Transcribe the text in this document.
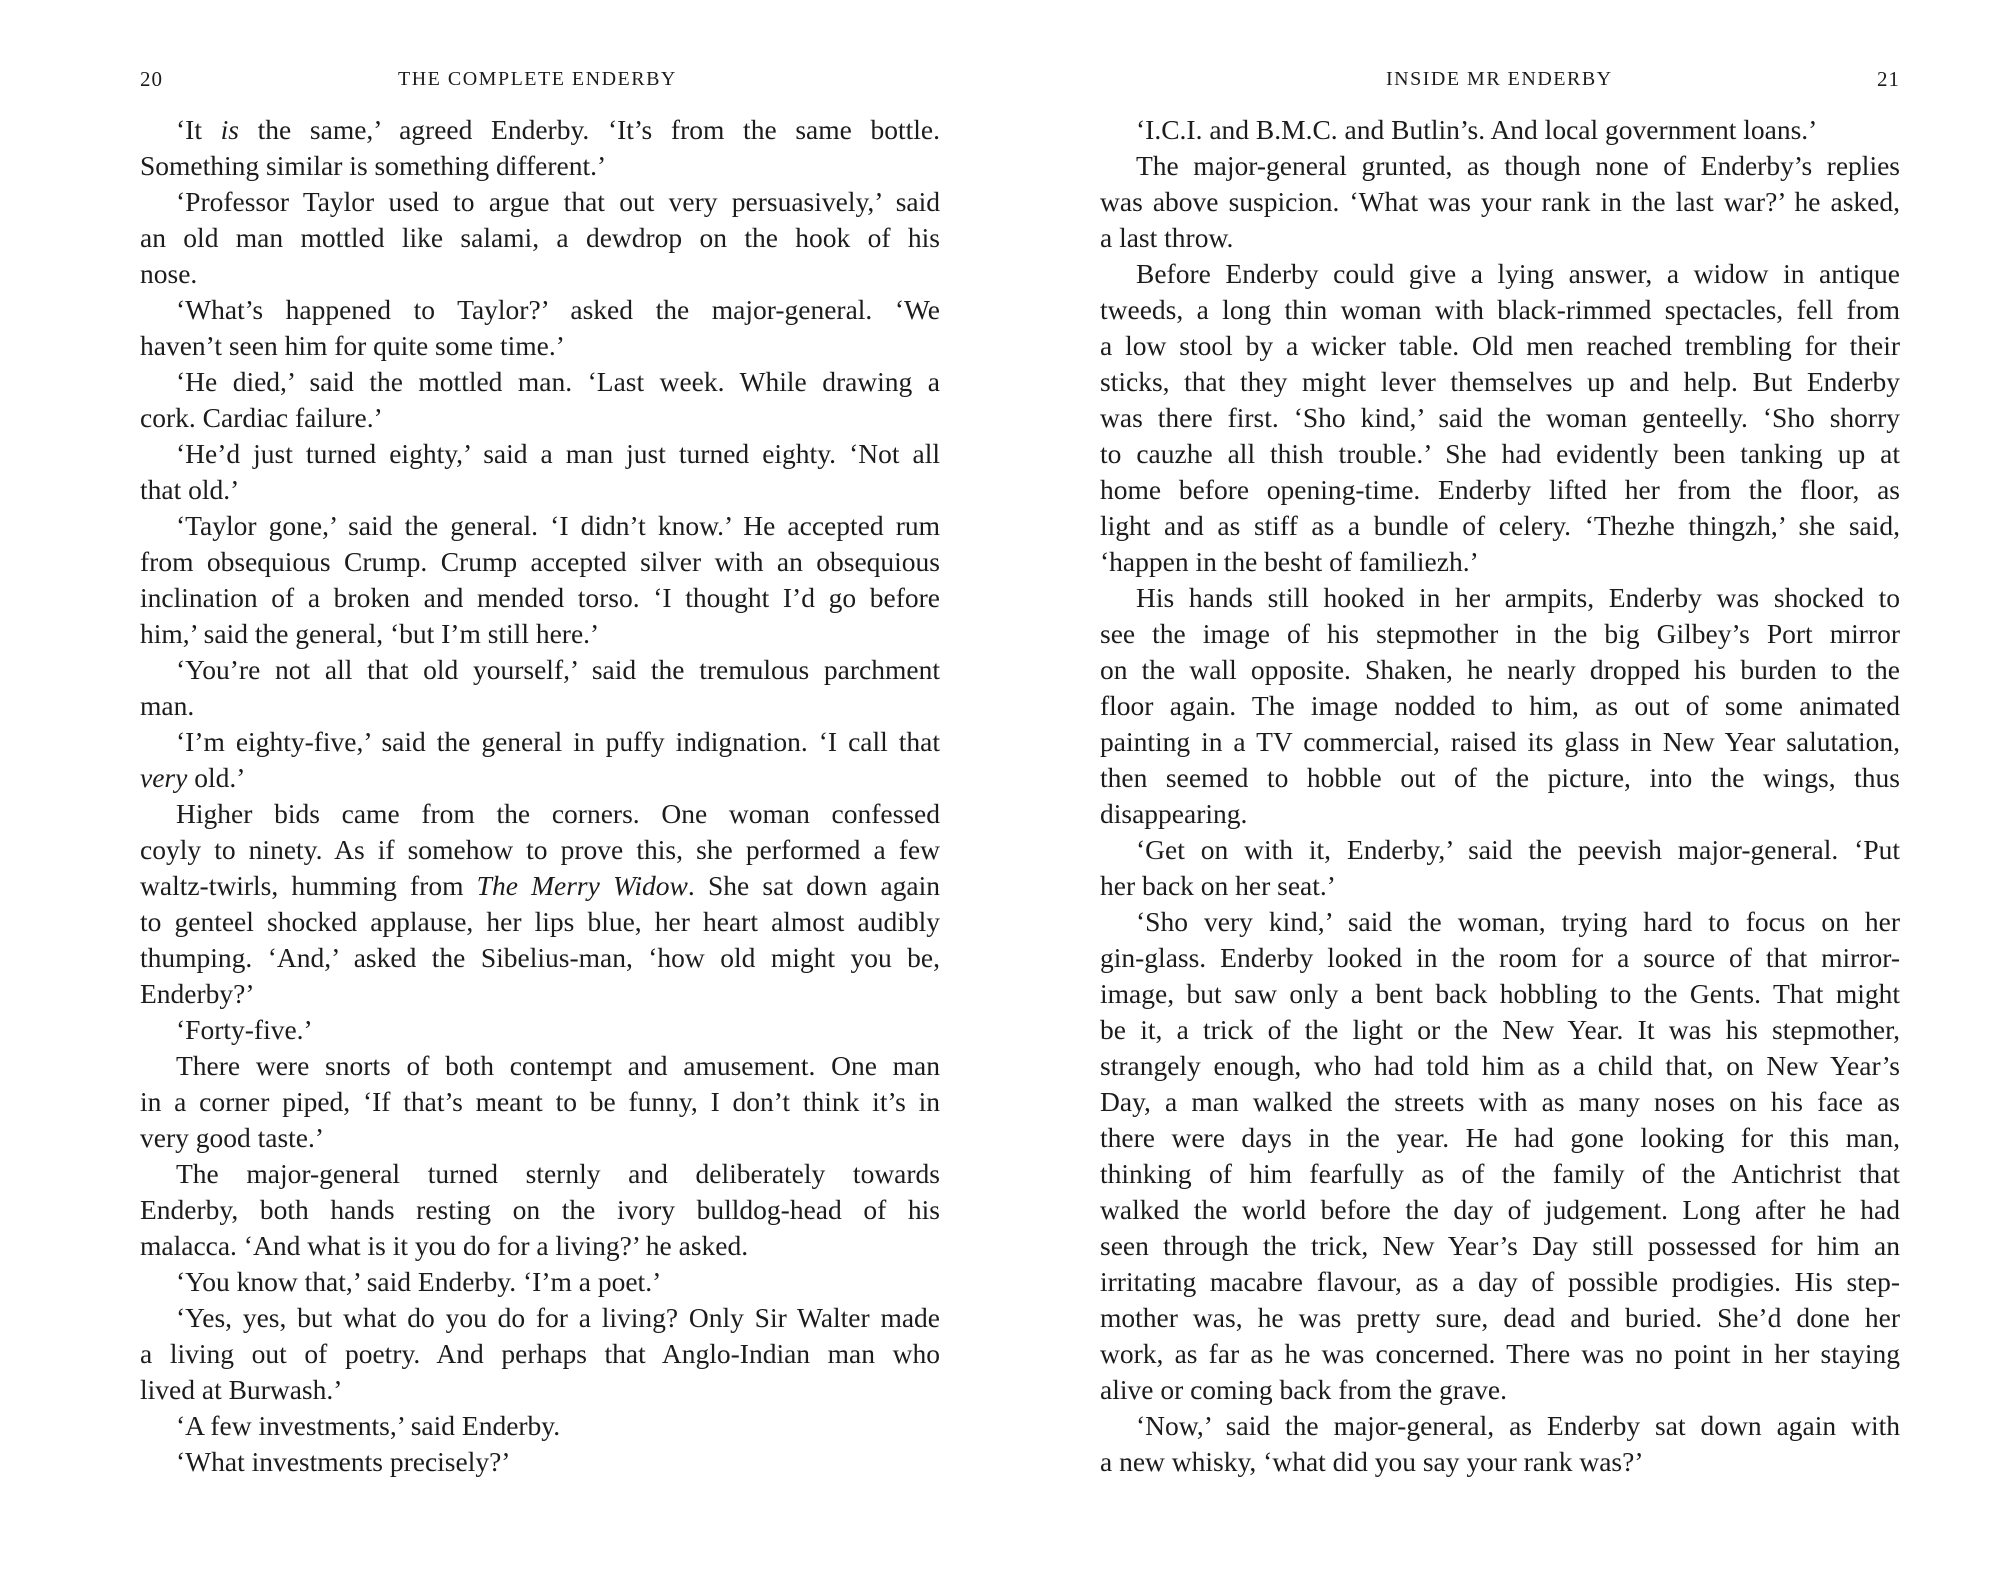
20	THE COMPLETE ENDERBY
‘It is the same,’ agreed Enderby. ‘It’s from the same bottle.
Something similar is something different.’
‘Professor Taylor used to argue that out very persuasively,’ said
an old man mottled like salami, a dewdrop on the hook of his
nose.
‘What’s happened to Taylor?’ asked the major-general. ‘We
haven’t seen him for quite some time.’
‘He died,’ said the mottled man. ‘Last week. While drawing a
cork. Cardiac failure.’
‘He’d just turned eighty,’ said a man just turned eighty. ‘Not all
that old.’
‘Taylor gone,’ said the general. ‘I didn’t know.’ He accepted rum
from obsequious Crump. Crump accepted silver with an obsequious
inclination of a broken and mended torso. ‘I thought I’d go before
him,’ said the general, ‘but I’m still here.’
‘You’re not all that old yourself,’ said the tremulous parchment
man.
‘I’m eighty-five,’ said the general in puffy indignation. ‘I call that
very old.’
Higher bids came from the corners. One woman confessed
coyly to ninety. As if somehow to prove this, she performed a few
waltz-twirls, humming from The Merry Widow. She sat down again
to genteel shocked applause, her lips blue, her heart almost audibly
thumping. ‘And,’ asked the Sibelius-man, ‘how old might you be,
Enderby?’
‘Forty-five.’
There were snorts of both contempt and amusement. One man
in a corner piped, ‘If that’s meant to be funny, I don’t think it’s in
very good taste.’
The major-general turned sternly and deliberately towards
Enderby, both hands resting on the ivory bulldog-head of his
malacca. ‘And what is it you do for a living?’ he asked.
‘You know that,’ said Enderby. ‘I’m a poet.’
‘Yes, yes, but what do you do for a living? Only Sir Walter made
a living out of poetry. And perhaps that Anglo-Indian man who
lived at Burwash.’
‘A few investments,’ said Enderby.
‘What investments precisely?’
INSIDE MR ENDERBY	21
‘I.C.I. and B.M.C. and Butlin’s. And local government loans.’
The major-general grunted, as though none of Enderby’s replies
was above suspicion. ‘What was your rank in the last war?’ he asked,
a last throw.
Before Enderby could give a lying answer, a widow in antique
tweeds, a long thin woman with black-rimmed spectacles, fell from
a low stool by a wicker table. Old men reached trembling for their
sticks, that they might lever themselves up and help. But Enderby
was there first. ‘Sho kind,’ said the woman genteelly. ‘Sho shorry
to cauzhe all thish trouble.’ She had evidently been tanking up at
home before opening-time. Enderby lifted her from the floor, as
light and as stiff as a bundle of celery. ‘Thezhe thingzh,’ she said,
‘happen in the besht of familiezh.’
His hands still hooked in her armpits, Enderby was shocked to
see the image of his stepmother in the big Gilbey’s Port mirror
on the wall opposite. Shaken, he nearly dropped his burden to the
floor again. The image nodded to him, as out of some animated
painting in a TV commercial, raised its glass in New Year salutation,
then seemed to hobble out of the picture, into the wings, thus
disappearing.
‘Get on with it, Enderby,’ said the peevish major-general. ‘Put
her back on her seat.’
‘Sho very kind,’ said the woman, trying hard to focus on her
gin-glass. Enderby looked in the room for a source of that mirror-
image, but saw only a bent back hobbling to the Gents. That might
be it, a trick of the light or the New Year. It was his stepmother,
strangely enough, who had told him as a child that, on New Year’s
Day, a man walked the streets with as many noses on his face as
there were days in the year. He had gone looking for this man,
thinking of him fearfully as of the family of the Antichrist that
walked the world before the day of judgement. Long after he had
seen through the trick, New Year’s Day still possessed for him an
irritating macabre flavour, as a day of possible prodigies. His step-
mother was, he was pretty sure, dead and buried. She’d done her
work, as far as he was concerned. There was no point in her staying
alive or coming back from the grave.
‘Now,’ said the major-general, as Enderby sat down again with
a new whisky, ‘what did you say your rank was?’
